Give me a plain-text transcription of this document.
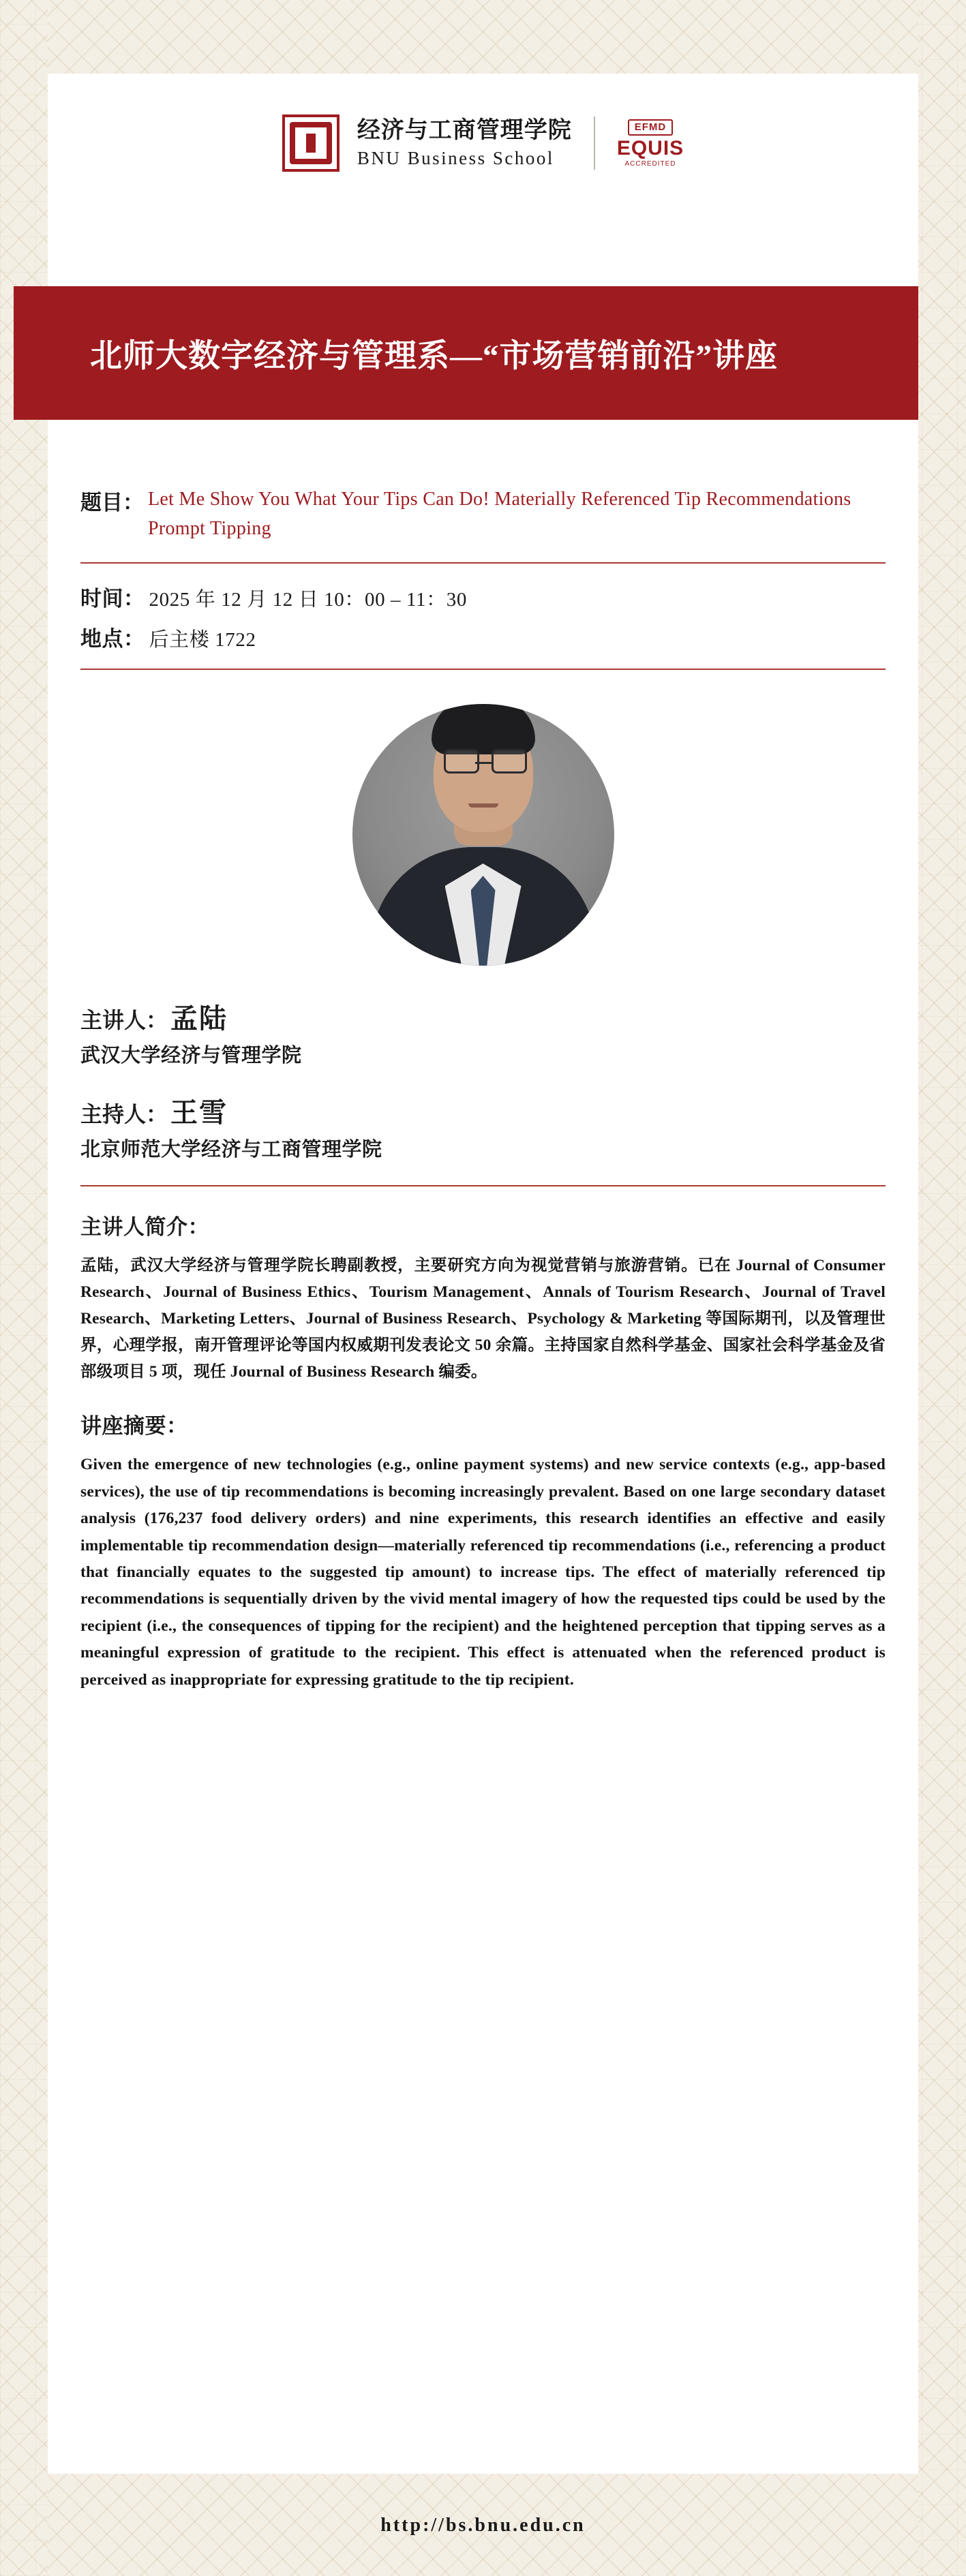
经济与工商管理学院
BNU Business School
EFMD
EQUIS
ACCREDITED
北师大数字经济与管理系—“市场营销前沿”讲座
题目： Let Me Show You What Your Tips Can Do! Materially Referenced Tip Recommendations Prompt Tipping
时间： 2025 年 12 月 12 日 10：00 – 11：30
地点： 后主楼 1722
主讲人： 孟陆
武汉大学经济与管理学院
主持人： 王雪
北京师范大学经济与工商管理学院
主讲人简介：
孟陆，武汉大学经济与管理学院长聘副教授，主要研究方向为视觉营销与旅游营销。已在 Journal of Consumer Research、Journal of Business Ethics、Tourism Management、Annals of Tourism Research、Journal of Travel Research、Marketing Letters、Journal of Business Research、Psychology & Marketing 等国际期刊，以及管理世界，心理学报，南开管理评论等国内权威期刊发表论文 50 余篇。主持国家自然科学基金、国家社会科学基金及省部级项目 5 项，现任 Journal of Business Research 编委。
讲座摘要：
Given the emergence of new technologies (e.g., online payment systems) and new service contexts (e.g., app-based services), the use of tip recommendations is becoming increasingly prevalent. Based on one large secondary dataset analysis (176,237 food delivery orders) and nine experiments, this research identifies an effective and easily implementable tip recommendation design—materially referenced tip recommendations (i.e., referencing a product that financially equates to the suggested tip amount) to increase tips. The effect of materially referenced tip recommendations is sequentially driven by the vivid mental imagery of how the requested tips could be used by the recipient (i.e., the consequences of tipping for the recipient) and the heightened perception that tipping serves as a meaningful expression of gratitude to the recipient. This effect is attenuated when the referenced product is perceived as inappropriate for expressing gratitude to the tip recipient.
http://bs.bnu.edu.cn
